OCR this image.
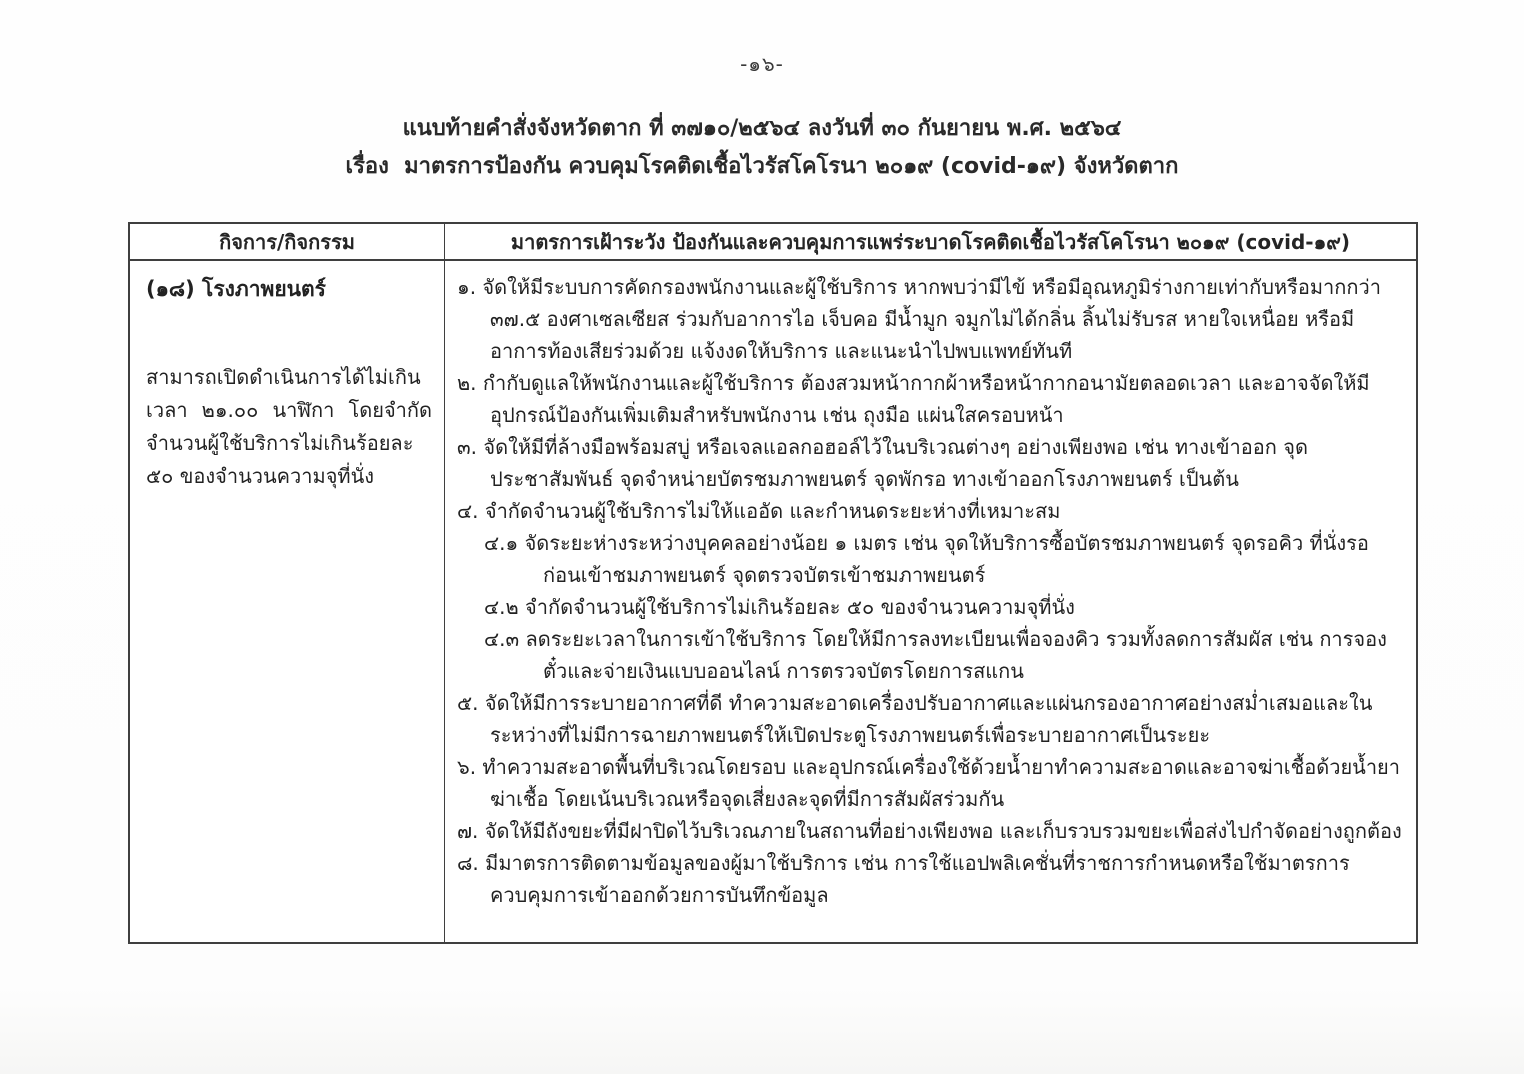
-๑๖-
แนบท้ายคำสั่งจังหวัดตาก ที่ ๓๗๑๐/๒๕๖๔ ลงวันที่ ๓๐ กันยายน พ.ศ. ๒๕๖๔
เรื่อง  มาตรการป้องกัน ควบคุมโรคติดเชื้อไวรัสโคโรนา ๒๐๑๙ (covid-๑๙) จังหวัดตาก
กิจการ/กิจกรรม	มาตรการเฝ้าระวัง ป้องกันและควบคุมการแพร่ระบาดโรคติดเชื้อไวรัสโคโรนา ๒๐๑๙ (covid-๑๙)
(๑๘) โรงภาพยนตร์
สามารถเปิดดำเนินการได้ไม่เกินเวลา ๒๑.๐๐ นาฬิกา โดยจำกัดจำนวนผู้ใช้บริการไม่เกินร้อยละ ๕๐ ของจำนวนความจุที่นั่ง
๑. จัดให้มีระบบการคัดกรองพนักงานและผู้ใช้บริการ หากพบว่ามีไข้ หรือมีอุณหภูมิร่างกายเท่ากับหรือมากกว่า ๓๗.๕ องศาเซลเซียส ร่วมกับอาการไอ เจ็บคอ มีน้ำมูก จมูกไม่ได้กลิ่น ลิ้นไม่รับรส หายใจเหนื่อย หรือมีอาการท้องเสียร่วมด้วย แจ้งงดให้บริการ และแนะนำไปพบแพทย์ทันที
๒. กำกับดูแลให้พนักงานและผู้ใช้บริการ ต้องสวมหน้ากากผ้าหรือหน้ากากอนามัยตลอดเวลา และอาจจัดให้มีอุปกรณ์ป้องกันเพิ่มเติมสำหรับพนักงาน เช่น ถุงมือ แผ่นใสครอบหน้า
๓. จัดให้มีที่ล้างมือพร้อมสบู่ หรือเจลแอลกอฮอล์ไว้ในบริเวณต่างๆ อย่างเพียงพอ เช่น ทางเข้าออก จุดประชาสัมพันธ์ จุดจำหน่ายบัตรชมภาพยนตร์ จุดพักรอ ทางเข้าออกโรงภาพยนตร์ เป็นต้น
๔. จำกัดจำนวนผู้ใช้บริการไม่ให้แออัด และกำหนดระยะห่างที่เหมาะสม
๔.๑ จัดระยะห่างระหว่างบุคคลอย่างน้อย ๑ เมตร เช่น จุดให้บริการซื้อบัตรชมภาพยนตร์ จุดรอคิว ที่นั่งรอก่อนเข้าชมภาพยนตร์ จุดตรวจบัตรเข้าชมภาพยนตร์
๔.๒ จำกัดจำนวนผู้ใช้บริการไม่เกินร้อยละ ๕๐ ของจำนวนความจุที่นั่ง
๔.๓ ลดระยะเวลาในการเข้าใช้บริการ โดยให้มีการลงทะเบียนเพื่อจองคิว รวมทั้งลดการสัมผัส เช่น การจองตั๋วและจ่ายเงินแบบออนไลน์ การตรวจบัตรโดยการสแกน
๕. จัดให้มีการระบายอากาศที่ดี ทำความสะอาดเครื่องปรับอากาศและแผ่นกรองอากาศอย่างสม่ำเสมอและในระหว่างที่ไม่มีการฉายภาพยนตร์ให้เปิดประตูโรงภาพยนตร์เพื่อระบายอากาศเป็นระยะ
๖. ทำความสะอาดพื้นที่บริเวณโดยรอบ และอุปกรณ์เครื่องใช้ด้วยน้ำยาทำความสะอาดและอาจฆ่าเชื้อด้วยน้ำยาฆ่าเชื้อ โดยเน้นบริเวณหรือจุดเสี่ยงละจุดที่มีการสัมผัสร่วมกัน
๗. จัดให้มีถังขยะที่มีฝาปิดไว้บริเวณภายในสถานที่อย่างเพียงพอ และเก็บรวบรวมขยะเพื่อส่งไปกำจัดอย่างถูกต้อง
๘. มีมาตรการติดตามข้อมูลของผู้มาใช้บริการ เช่น การใช้แอปพลิเคชั่นที่ราชการกำหนดหรือใช้มาตรการควบคุมการเข้าออกด้วยการบันทึกข้อมูล
